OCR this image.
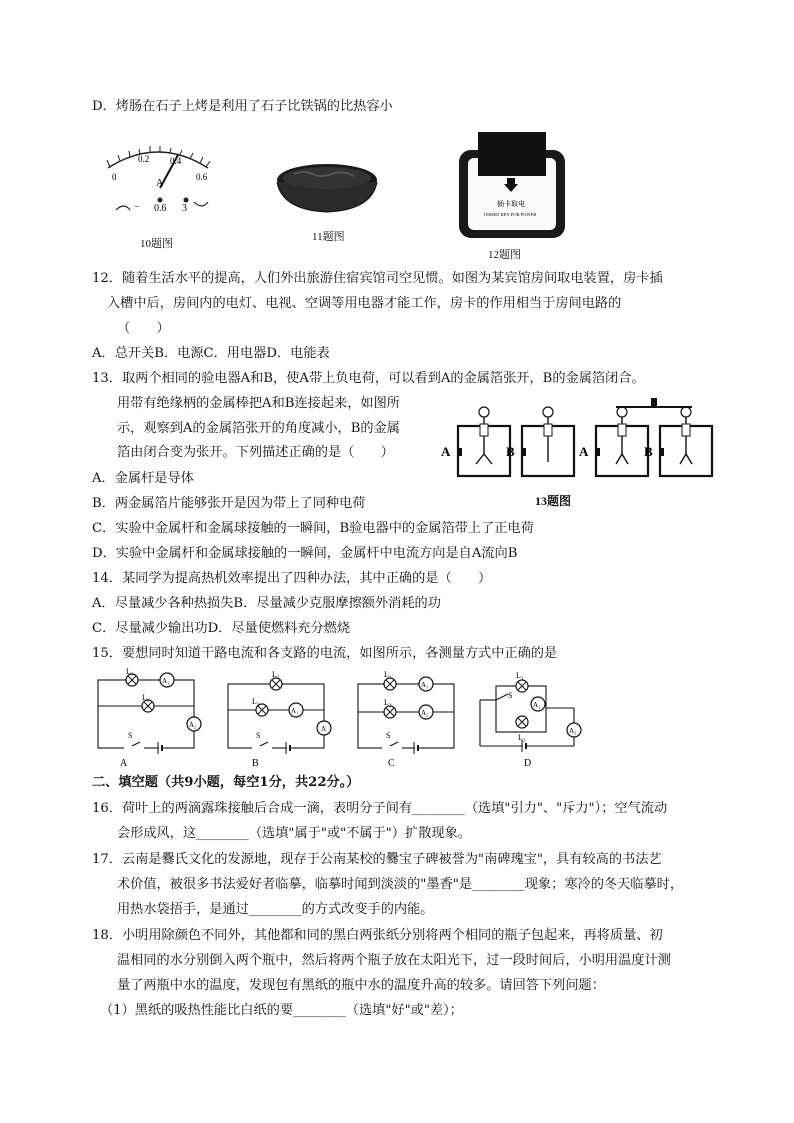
D．烤肠在石子上烤是利用了石子比铁锅的比热容小
0
0.2 0.4
0.6
A
− 0.6 3
10题图
11题图
插卡取电
INSERT KEY FOR POWER
12题图
12．随着生活水平的提高，人们外出旅游住宿宾馆司空见惯。如图为某宾馆房间取电装置，房卡插
入槽中后，房间内的电灯、电视、空调等用电器才能工作，房卡的作用相当于房间电路的
（　　）
A．总开关B．电源C．用电器D．电能表
13．取两个相同的验电器A和B，使A带上负电荷，可以看到A的金属箔张开，B的金属箔闭合。
用带有绝缘柄的金属棒把A和B连接起来，如图所
示，观察到A的金属箔张开的角度减小，B的金属
箔由闭合变为张开。下列描述正确的是（　　）	A	B	A	B
13题图
A．金属杆是导体
B．两金属箔片能够张开是因为带上了同种电荷
C．实验中金属杆和金属球接触的一瞬间，B验电器中的金属箔带上了正电荷
D．实验中金属杆和金属球接触的一瞬间，金属杆中电流方向是自A流向B
14．某同学为提高热机效率提出了四种办法，其中正确的是（　　）
A．尽量减少各种热损失B．尽量减少克服摩擦额外消耗的功
C．尽量减少输出功D．尽量使燃料充分燃烧
15．要想同时知道干路电流和各支路的电流，如图所示，各测量方式中正确的是
L₁
A₁
L₂
A₂
S
A
L₁
L₂
A₁
A
S
B
L₁
A₁
L₂
A₂
S
C
L₁
S
A₁
L₂
A₂
D
二、填空题（共9小题，每空1分，共22分。）
16．荷叶上的两滴露珠接触后合成一滴，表明分子间有________（选填"引力"、"斥力"）；空气流动
会形成风，这________（选填"属于"或"不属于"）扩散现象。
17．云南是爨氏文化的发源地，现存于公南某校的爨宝子碑被誉为"南碑瑰宝"，具有较高的书法艺
术价值，被很多书法爱好者临摹，临摹时闻到淡淡的"墨香"是________现象；寒冷的冬天临摹时，
用热水袋捂手，是通过________的方式改变手的内能。
18．小明用除颜色不同外，其他都和同的黑白两张纸分别将两个相同的瓶子包起来，再将质量、初
温相同的水分别倒入两个瓶中，然后将两个瓶子放在太阳光下，过一段时间后，小明用温度计测
量了两瓶中水的温度，发现包有黑纸的瓶中水的温度升高的较多。请回答下列问题：
（1）黑纸的吸热性能比白纸的要________（选填"好"或"差）；
